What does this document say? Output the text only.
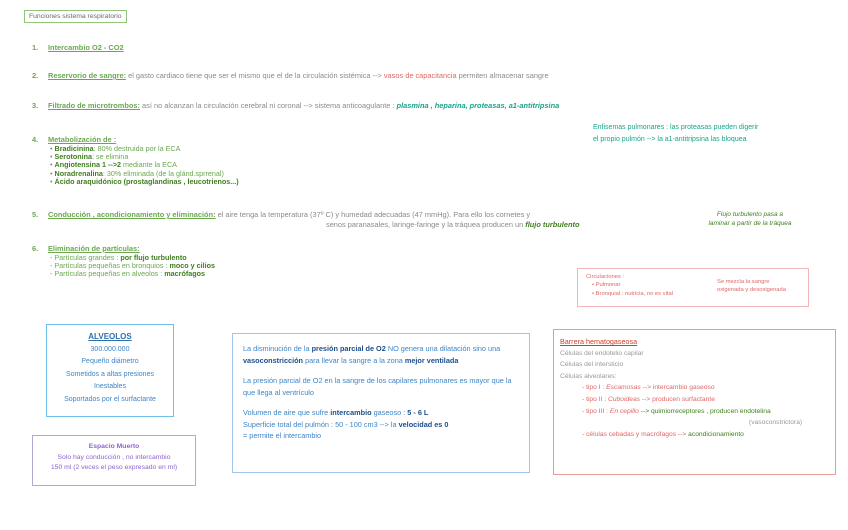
Funciones sistema respiratorio
1. Intercambio O2 - CO2
2. Reservorio de sangre: el gasto cardiaco tiene que ser el mismo que el de la circulación sistémica --> vasos de capacitancia permiten almacenar sangre
3. Filtrado de microtrombos: así no alcanzan la circulación cerebral ni coronal --> sistema anticoagulante : plasmina , heparina, proteasas, a1-antitripsina
Enfisemas pulmonares : las proteasas pueden digerir
el propio pulmón --> la a1-antitripsina las bloquea
4. Metabolización de :
• Bradicinina: 80% destruida por la ECA
• Serotonina: se elimina
• Angiotensina 1 -->2 mediante la ECA
• Noradrenalina: 30% eliminada (de la glánd.sprrenal)
• Ácido araquidónico (prostaglandinas , leucotrienos...)
5. Conducción , acondicionamiento y eliminación: el aire tenga la temperatura (37º C) y humedad adecuadas (47 mmHg). Para ello los cornetes y
senos paranasales, laringe-faringe y la tráquea producen un flujo turbulento
Flujo turbulento pasa a
laminar a partir de la tráquea
6. Eliminación de partículas:
- Partículas grandes : por flujo turbulento
- Partículas pequeñas en bronquios : moco y cilios
- Partículas pequeñas en alveolos : macrófagos	Circulaciones :
• Pulmonar
• Bronquial : nutricia, no es vital
Se mezcla la sangre
oxigenada y desoxigenada
ALVEOLOS
300.000.000
Pequeño diámetro
Sometidos a altas presiones
Inestables
Soportados por el surfactante
Espacio Muerto
Solo hay conducción , no intercambio
150 ml (2 veces el peso expresado en ml)

La disminución de la presión parcial de O2 NO genera una dilatación sino una vasoconstricción para llevar la sangre a la zona mejor ventilada

La presión parcial de O2 en la sangre de los capilares pulmonares es mayor que la que llega al ventrículo

Volumen de aire que sufre intercambio gaseoso : 5 - 6 L
Superficie total del pulmón : 50 - 100 cm3 --> la velocidad es 0
= permite el intercambio

Barrera hematogaseosa
Células del endotelio capilar
Células del intersticio
Células alveolares:
- tipo I : Escamosas --> intercambio gaseoso
- tipo II : Cuboideas --> producen surfactante
- tipo III : En cepillo --> quimiorreceptores , producen endotelina
(vasoconstrictora)
- células cebadas y macrófagos --> acondicionamiento
